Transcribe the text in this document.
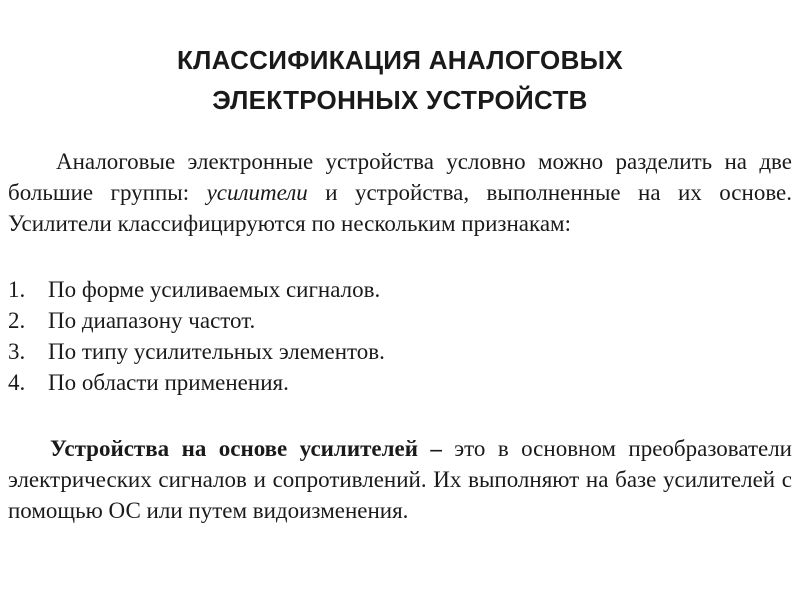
КЛАССИФИКАЦИЯ АНАЛОГОВЫХ
ЭЛЕКТРОННЫХ УСТРОЙСТВ
Аналоговые электронные устройства условно можно разделить на две большие группы: усилители и устройства, выполненные на их основе. Усилители классифицируются по нескольким признакам:
1. По форме усиливаемых сигналов.
2. По диапазону частот.
3. По типу усилительных элементов.
4. По области применения.
Устройства на основе усилителей – это в основном преобразователи электрических сигналов и сопротивлений. Их выполняют на базе усилителей с помощью ОС или путем видоизменения.
